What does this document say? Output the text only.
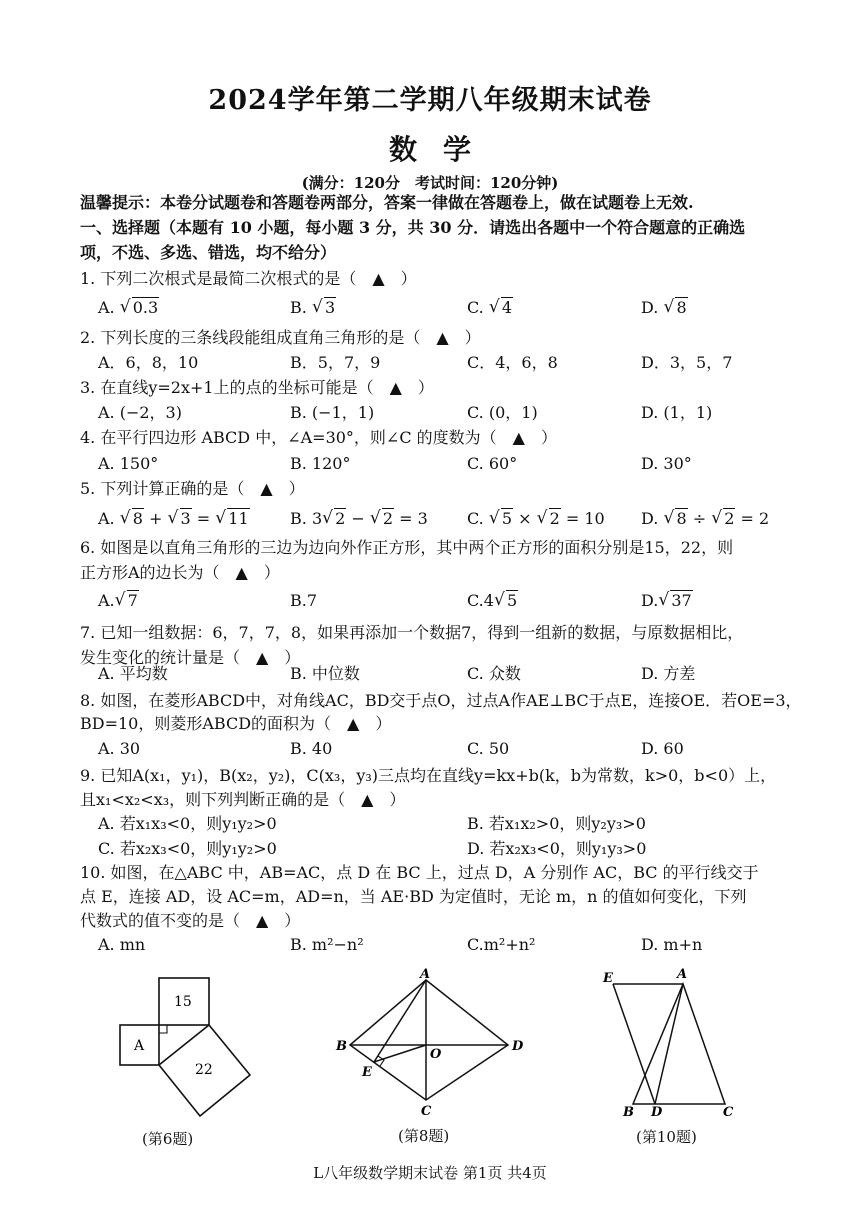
2024学年第二学期八年级期末试卷
数学
(满分：120分　考试时间：120分钟)
温馨提示：本卷分试题卷和答题卷两部分，答案一律做在答题卷上，做在试题卷上无效.
一、选择题（本题有 10 小题，每小题 3 分，共 30 分．请选出各题中一个符合题意的正确选
项，不选、多选、错选，均不给分）
1. 下列二次根式是最简二次根式的是（　▲　）
A. √ 0.3	B. √ 3	C. √ 4	D. √ 8
2. 下列长度的三条线段能组成直角三角形的是（　▲　）
A．6，8，10	B．5，7，9	C．4，6，8	D．3，5，7
3. 在直线y=2x+1上的点的坐标可能是（　▲　）
A. (−2，3)	B. (−1，1)	C. (0，1)	D. (1，1)
4. 在平行四边形 ABCD 中，∠A=30°，则∠C 的度数为（　▲　）
A. 150°	B. 120°	C. 60°	D. 30°
5. 下列计算正确的是（　▲　）
A. √ 8 + √ 3 = √ 11	B. 3 √ 2 − √ 2 = 3 C. √ 5 × √ 2 = 10 D. √ 8 ÷ √ 2 = 2
6. 如图是以直角三角形的三边为边向外作正方形，其中两个正方形的面积分别是15，22，则
正方形A的边长为（　▲　）
A. √ 7	B.7	C.4 √ 5	D. √ 37
7. 已知一组数据：6，7，7，8，如果再添加一个数据7，得到一组新的数据，与原数据相比，
发生变化的统计量是（　▲　）
A. 平均数	B. 中位数	C. 众数	D. 方差
8. 如图，在菱形ABCD中，对角线AC，BD交于点O，过点A作AE⊥BC于点E，连接OE．若OE=3，
BD=10，则菱形ABCD的面积为（　▲　）
A. 30	B. 40	C. 50	D. 60
9. 已知A(x₁，y₁)，B(x₂，y₂)，C(x₃，y₃)三点均在直线y=kx+b(k，b为常数，k>0，b<0）上，
且x₁<x₂<x₃，则下列判断正确的是（　▲　）
A. 若x₁x₃<0，则y₁y₂>0	B. 若x₁x₂>0，则y₂y₃>0
C. 若x₂x₃<0，则y₁y₂>0	D. 若x₂x₃<0，则y₁y₃>0
10. 如图，在△ABC 中，AB=AC，点 D 在 BC 上，过点 D，A 分别作 AC，BC 的平行线交于
点 E，连接 AD，设 AC=m，AD=n，当 AE·BD 为定值时，无论 m，n 的值如何变化，下列
代数式的值不变的是（　▲　）
A. mn	B. m²−n²	C.m²+n²	D. m+n
15
A
22
(第6题)
A
B	D
C
O
E
(第8题)
E	A
B D	C
(第10题)
L八年级数学期末试卷 第1页 共4页
